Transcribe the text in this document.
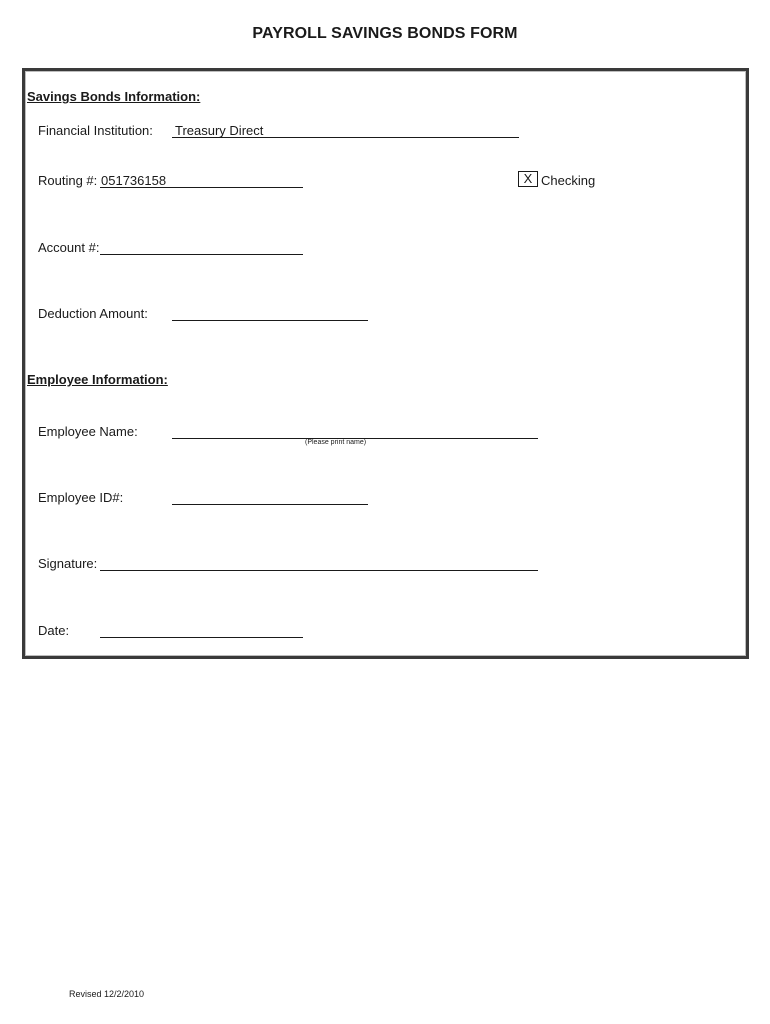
PAYROLL SAVINGS BONDS FORM
Savings Bonds Information:
Financial Institution: Treasury Direct
Routing #: 051736158	X Checking
Account #:
Deduction Amount:
Employee Information:
Employee Name:
(Please print name)
Employee ID#:
Signature:
Date:
Revised 12/2/2010
